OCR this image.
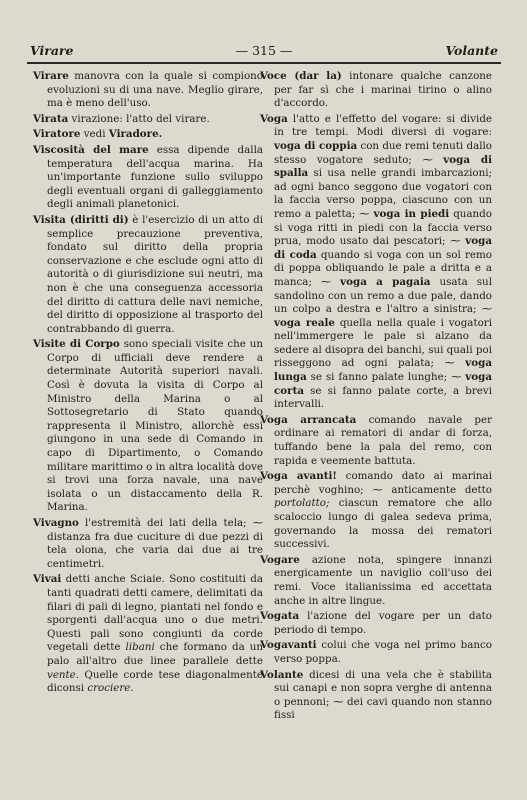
Virare	— 315 —	Volante

Virare manovra con la quale si compiono evoluzioni su di una nave. Meglio girare, ma è meno dell'uso.

Virata virazione: l'atto del virare.

Viratore vedi Viradore.

Viscosità del mare essa dipende dalla temperatura dell'acqua marina. Ha un'importante funzione sullo sviluppo degli eventuali organi di galleggiamento degli animali planetonici.

Visita (diritti di) è l'esercizio di un atto di semplice precauzione preventiva, fondato sul diritto della propria conservazione e che esclude ogni atto di autorità o di giurisdizione sui neutri, ma non è che una conseguenza accessoria del diritto di cattura delle navi nemiche, del diritto di opposizione al trasporto del contrabbando di guerra.

Visite di Corpo sono speciali visite che un Corpo di ufficiali deve rendere a determinate Autorità superiori navali. Così è dovuta la visita di Corpo al Ministro della Marina o al Sottosegretario di Stato quando rappresenta il Ministro, allorchè essi giungono in una sede di Comando in capo di Dipartimento, o Comando militare marittimo o in altra località dove si trovi una forza navale, una nave isolata o un distaccamento della R. Marina.

Vivagno l'estremità dei lati della tela; ⁓ distanza fra due cuciture di due pezzi di tela olona, che varia dai due ai tre centimetri.

Vivai detti anche Sciaie. Sono costituiti da tanti quadrati detti camere, delimitati da filari di pali di legno, piantati nel fondo e sporgenti dall'acqua uno o due metri. Questi pali sono congiunti da corde vegetali dette libani che formano da un palo all'altro due linee parallele dette vente. Quelle corde tese diagonalmente diconsi crociere.

Voce (dar la) intonare qualche canzone per far sì che i marinai tirino o alino d'accordo.

Voga l'atto e l'effetto del vogare: si divide in tre tempi. Modi diversi di vogare: voga di coppia con due remi tenuti dallo stesso vogatore seduto; ⁓ voga di spalla si usa nelle grandi imbarcazioni; ad ogni banco seggono due vogatori con la faccia verso poppa, ciascuno con un remo a paletta; ⁓ voga in piedi quando si voga ritti in piedi con la faccia verso prua, modo usato dai pescatori; ⁓ voga di coda quando si voga con un sol remo di poppa obliquando le pale a dritta e a manca; ⁓ voga a pagaia usata sul sandolino con un remo a due pale, dando un colpo a destra e l'altro a sinistra; ⁓ voga reale quella nella quale i vogatori nell'immergere le pale si alzano da sedere al disopra dei banchi, sui quali poi risseggono ad ogni palata; ⁓ voga lunga se si fanno palate lunghe; ⁓ voga corta se si fanno palate corte, a brevi intervalli.

Voga arrancata comando navale per ordinare ai rematori di andar di forza, tuffando bene la pala del remo, con rapida e veemente battuta.

Voga avanti! comando dato ai marinai perchè voghino; ⁓ anticamente detto portolatto; ciascun rematore che allo scaloccio lungo di galea sedeva prima, governando la mossa dei rematori successivi.

Vogare azione nota, spingere innanzi energicamente un naviglio coll'uso dei remi. Voce italianissima ed accettata anche in altre lingue.

Vogata l'azione del vogare per un dato periodo di tempo.

Vogavanti colui che voga nel primo banco verso poppa.

Volante dicesi di una vela che è stabilita sui canapi e non sopra verghe di antenna o pennoni; ⁓ dei cavi quando non stanno fissi
